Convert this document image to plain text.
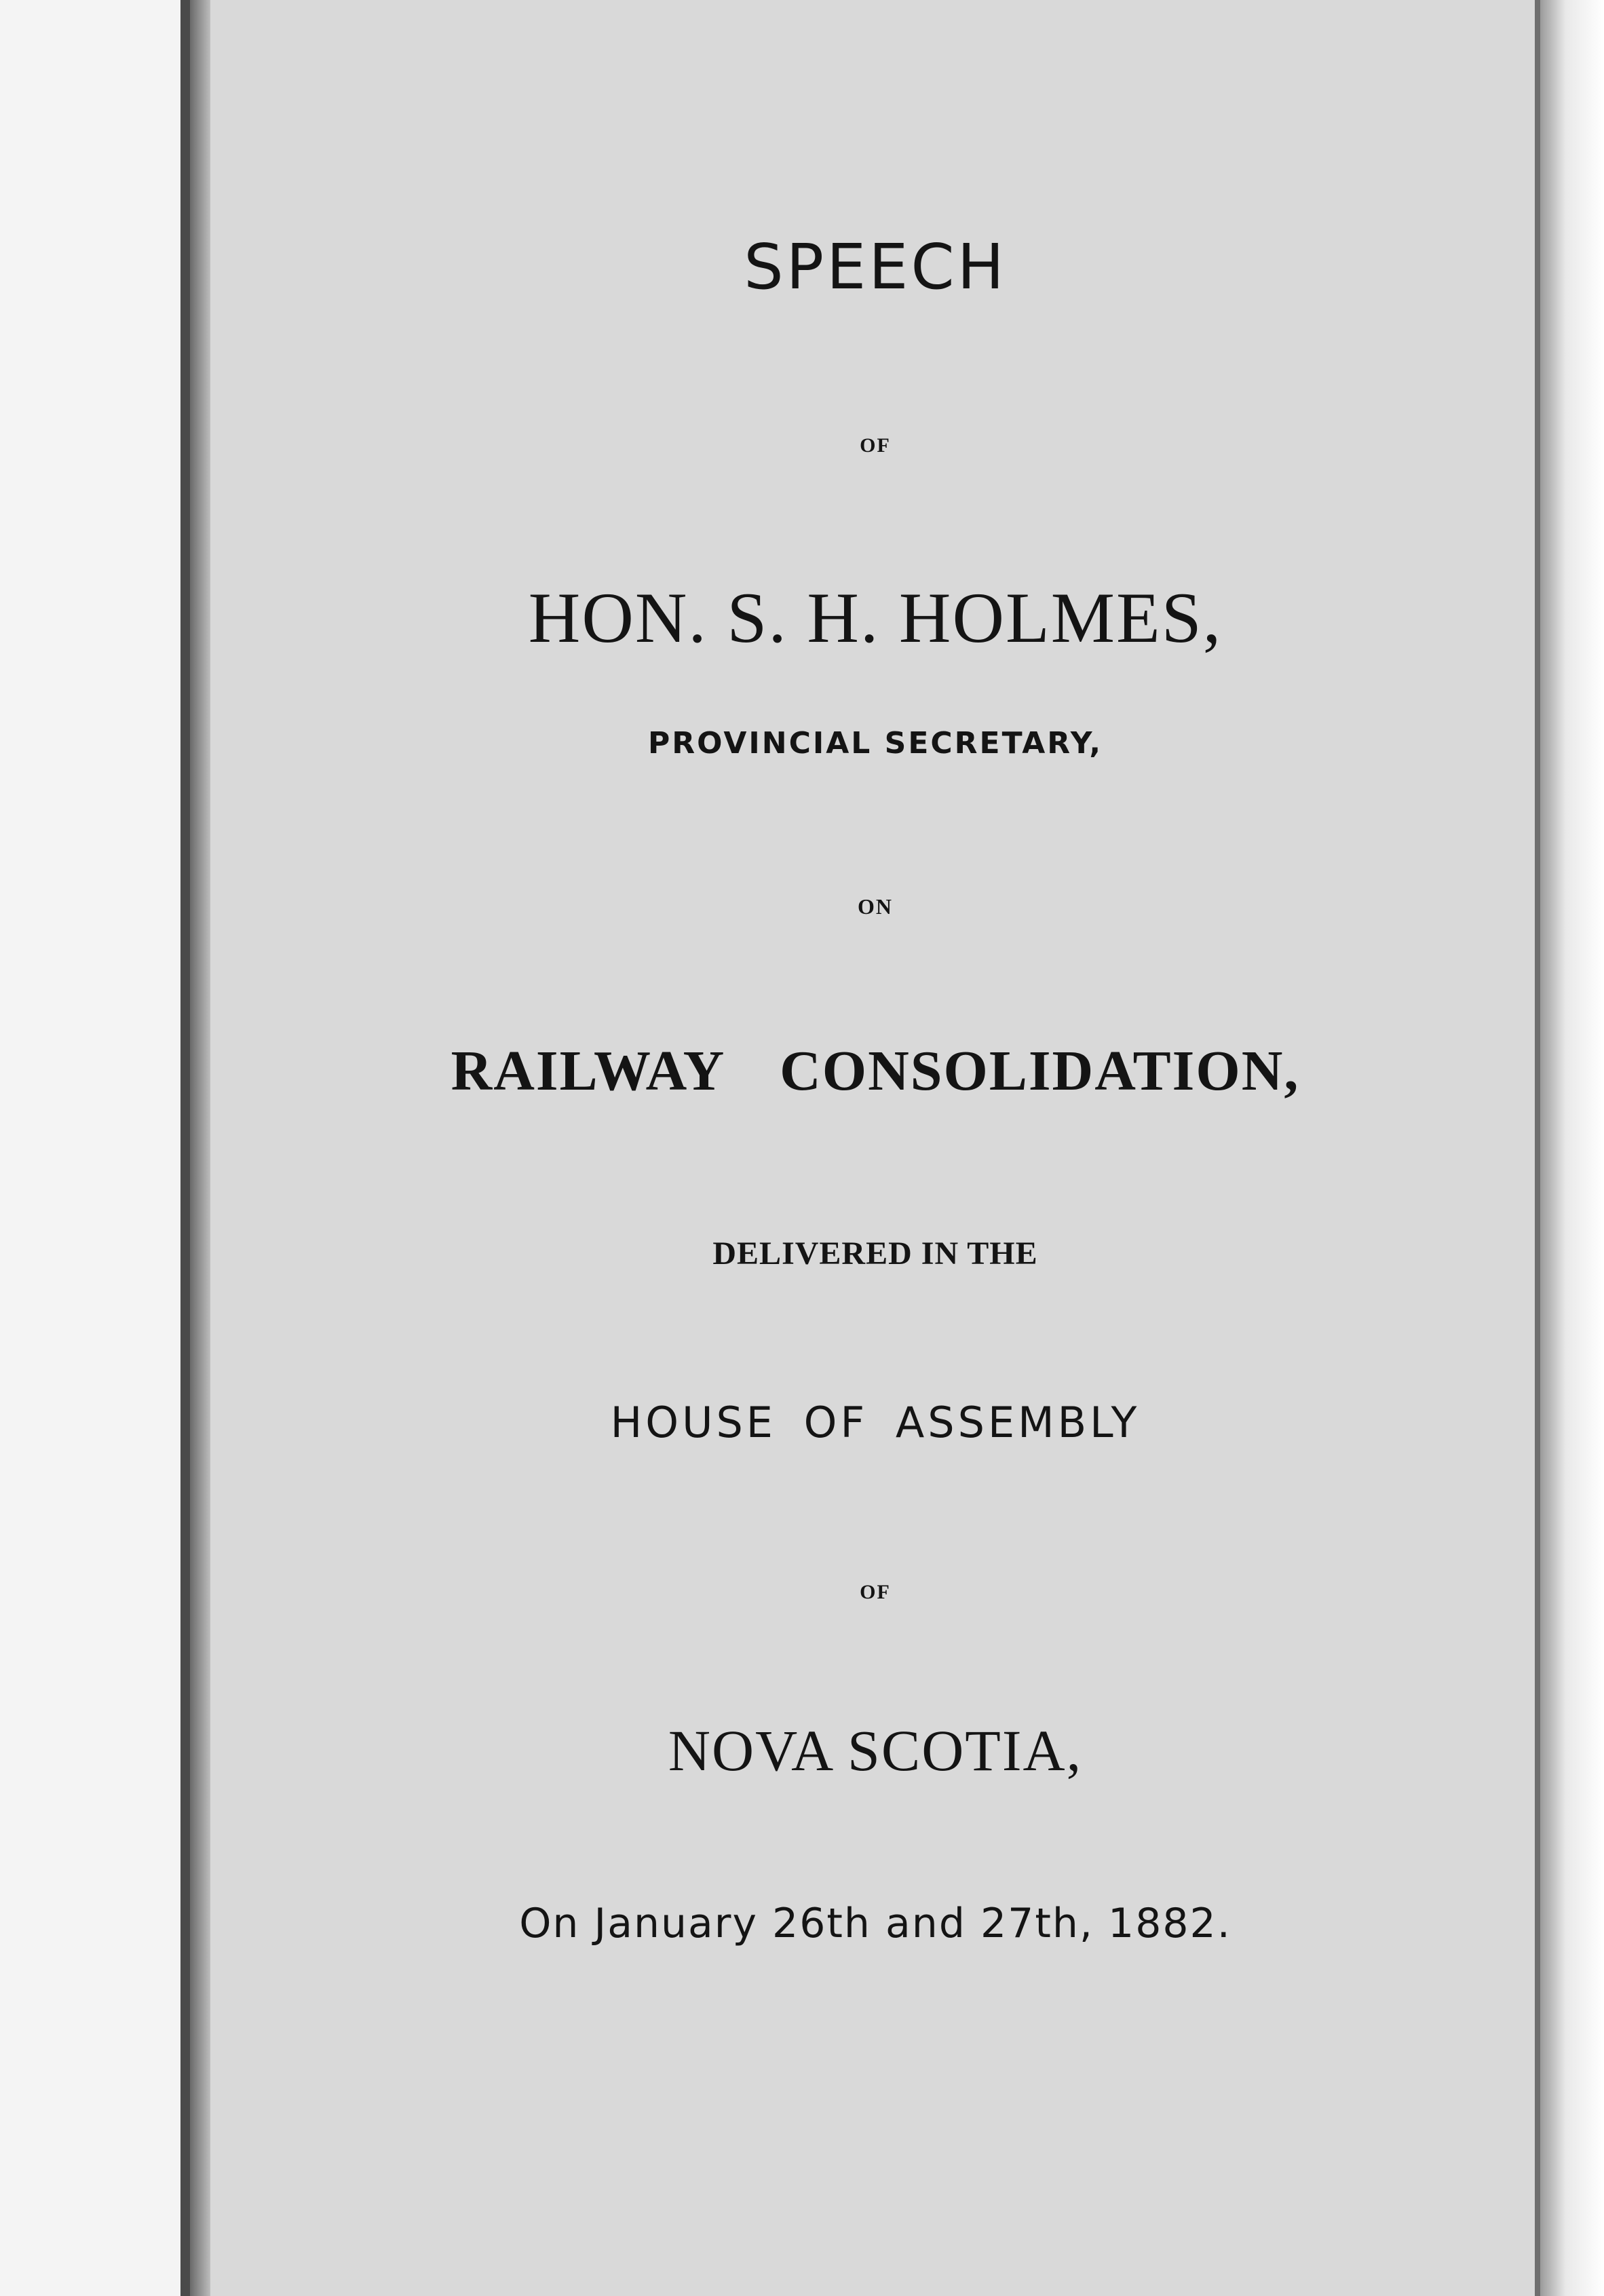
SPEECH
OF
HON. S. H. HOLMES,
PROVINCIAL SECRETARY,
ON
RAILWAY CONSOLIDATION,
DELIVERED IN THE
HOUSE OF ASSEMBLY
OF
NOVA SCOTIA,
On January 26th and 27th, 1882.
